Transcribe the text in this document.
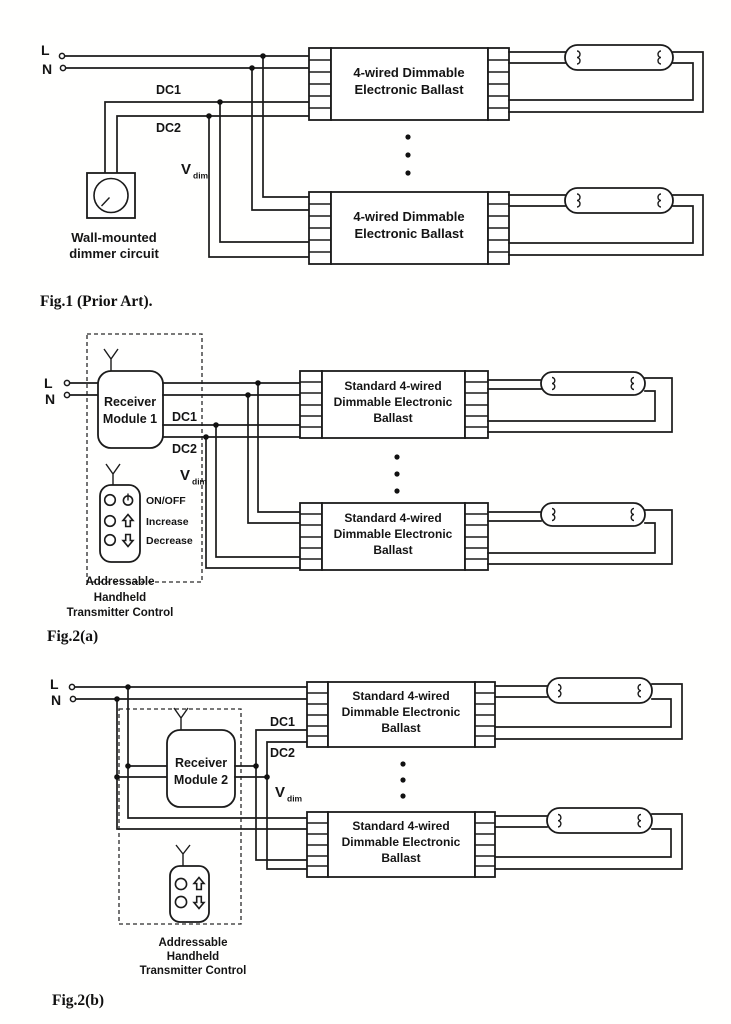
L
N
Wall-mounted
dimmer circuit
DC1
DC2
V dim
4-wired Dimmable
Electronic Ballast
4-wired Dimmable
Electronic Ballast
Fig.1 (Prior Art).
L
N	Receiver
Module 1 DC1
DC2
V dim
ON/OFF
Increase
Decrease
Addressable
Handheld
Transmitter Control
Standard 4-wired
Dimmable Electronic
Ballast
Standard 4-wired
Dimmable Electronic
Ballast
Fig.2(a)
L
N
Receiver
Module 2
DC1
DC2
V dim
Addressable
Handheld
Transmitter Control
Standard 4-wired
Dimmable Electronic
Ballast
Standard 4-wired
Dimmable Electronic
Ballast
Fig.2(b)
